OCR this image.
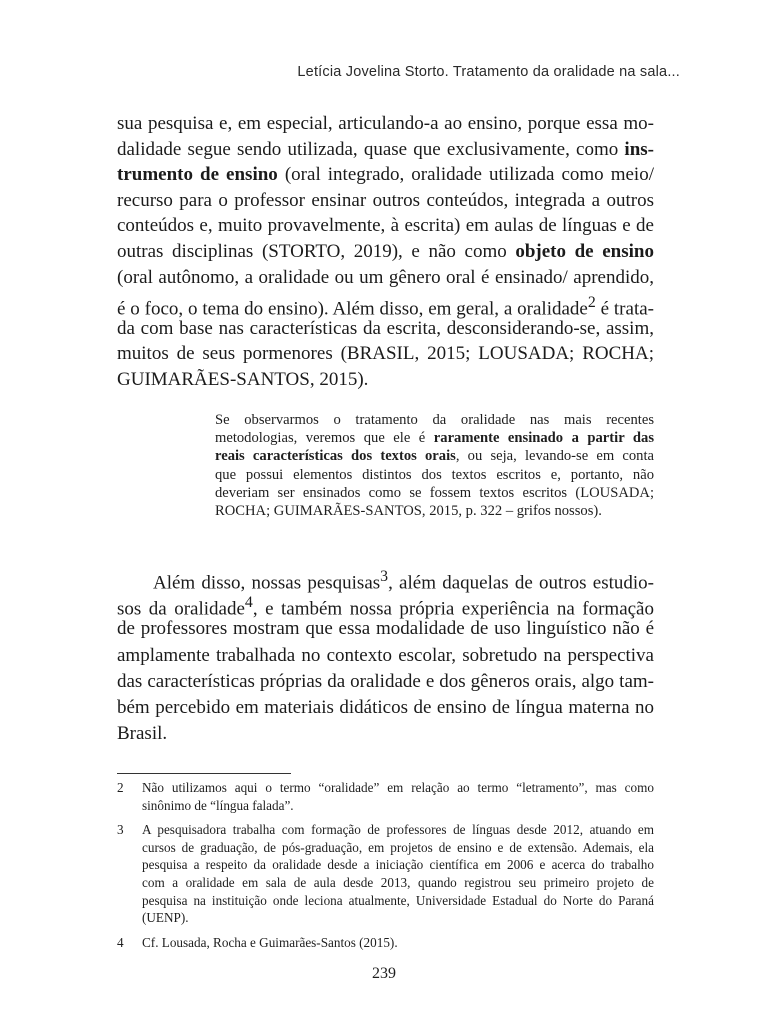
Letícia Jovelina Storto. Tratamento da oralidade na sala...
sua pesquisa e, em especial, articulando-a ao ensino, porque essa mo-
dalidade segue sendo utilizada, quase que exclusivamente, como ins-
trumento de ensino (oral integrado, oralidade utilizada como meio/
recurso para o professor ensinar outros conteúdos, integrada a outros
conteúdos e, muito provavelmente, à escrita) em aulas de línguas e de
outras disciplinas (STORTO, 2019), e não como objeto de ensino
(oral autônomo, a oralidade ou um gênero oral é ensinado/ aprendido,
é o foco, o tema do ensino). Além disso, em geral, a oralidade$^2$ é trata-
da com base nas características da escrita, desconsiderando-se, assim,
muitos de seus pormenores (BRASIL, 2015; LOUSADA; ROCHA;
GUIMARÃES-SANTOS, 2015).
Se observarmos o tratamento da oralidade nas mais recentes
metodologias, veremos que ele é raramente ensinado a partir das
reais características dos textos orais, ou seja, levando-se em conta
que possui elementos distintos dos textos escritos e, portanto, não
deveriam ser ensinados como se fossem textos escritos (LOUSADA;
ROCHA; GUIMARÃES-SANTOS, 2015, p. 322 – grifos nossos).
Além disso, nossas pesquisas$^3$, além daquelas de outros estudio-
sos da oralidade$^4$, e também nossa própria experiência na formação
de professores mostram que essa modalidade de uso linguístico não é
amplamente trabalhada no contexto escolar, sobretudo na perspectiva
das características próprias da oralidade e dos gêneros orais, algo tam-
bém percebido em materiais didáticos de ensino de língua materna no
Brasil.
2 Não utilizamos aqui o termo “oralidade” em relação ao termo “letramento”, mas como
sinônimo de “língua falada”.
3 A pesquisadora trabalha com formação de professores de línguas desde 2012, atuando em
cursos de graduação, de pós-graduação, em projetos de ensino e de extensão. Ademais, ela
pesquisa a respeito da oralidade desde a iniciação científica em 2006 e acerca do trabalho
com a oralidade em sala de aula desde 2013, quando registrou seu primeiro projeto de
pesquisa na instituição onde leciona atualmente, Universidade Estadual do Norte do Paraná
(UENP).
4 Cf. Lousada, Rocha e Guimarães-Santos (2015).
239
